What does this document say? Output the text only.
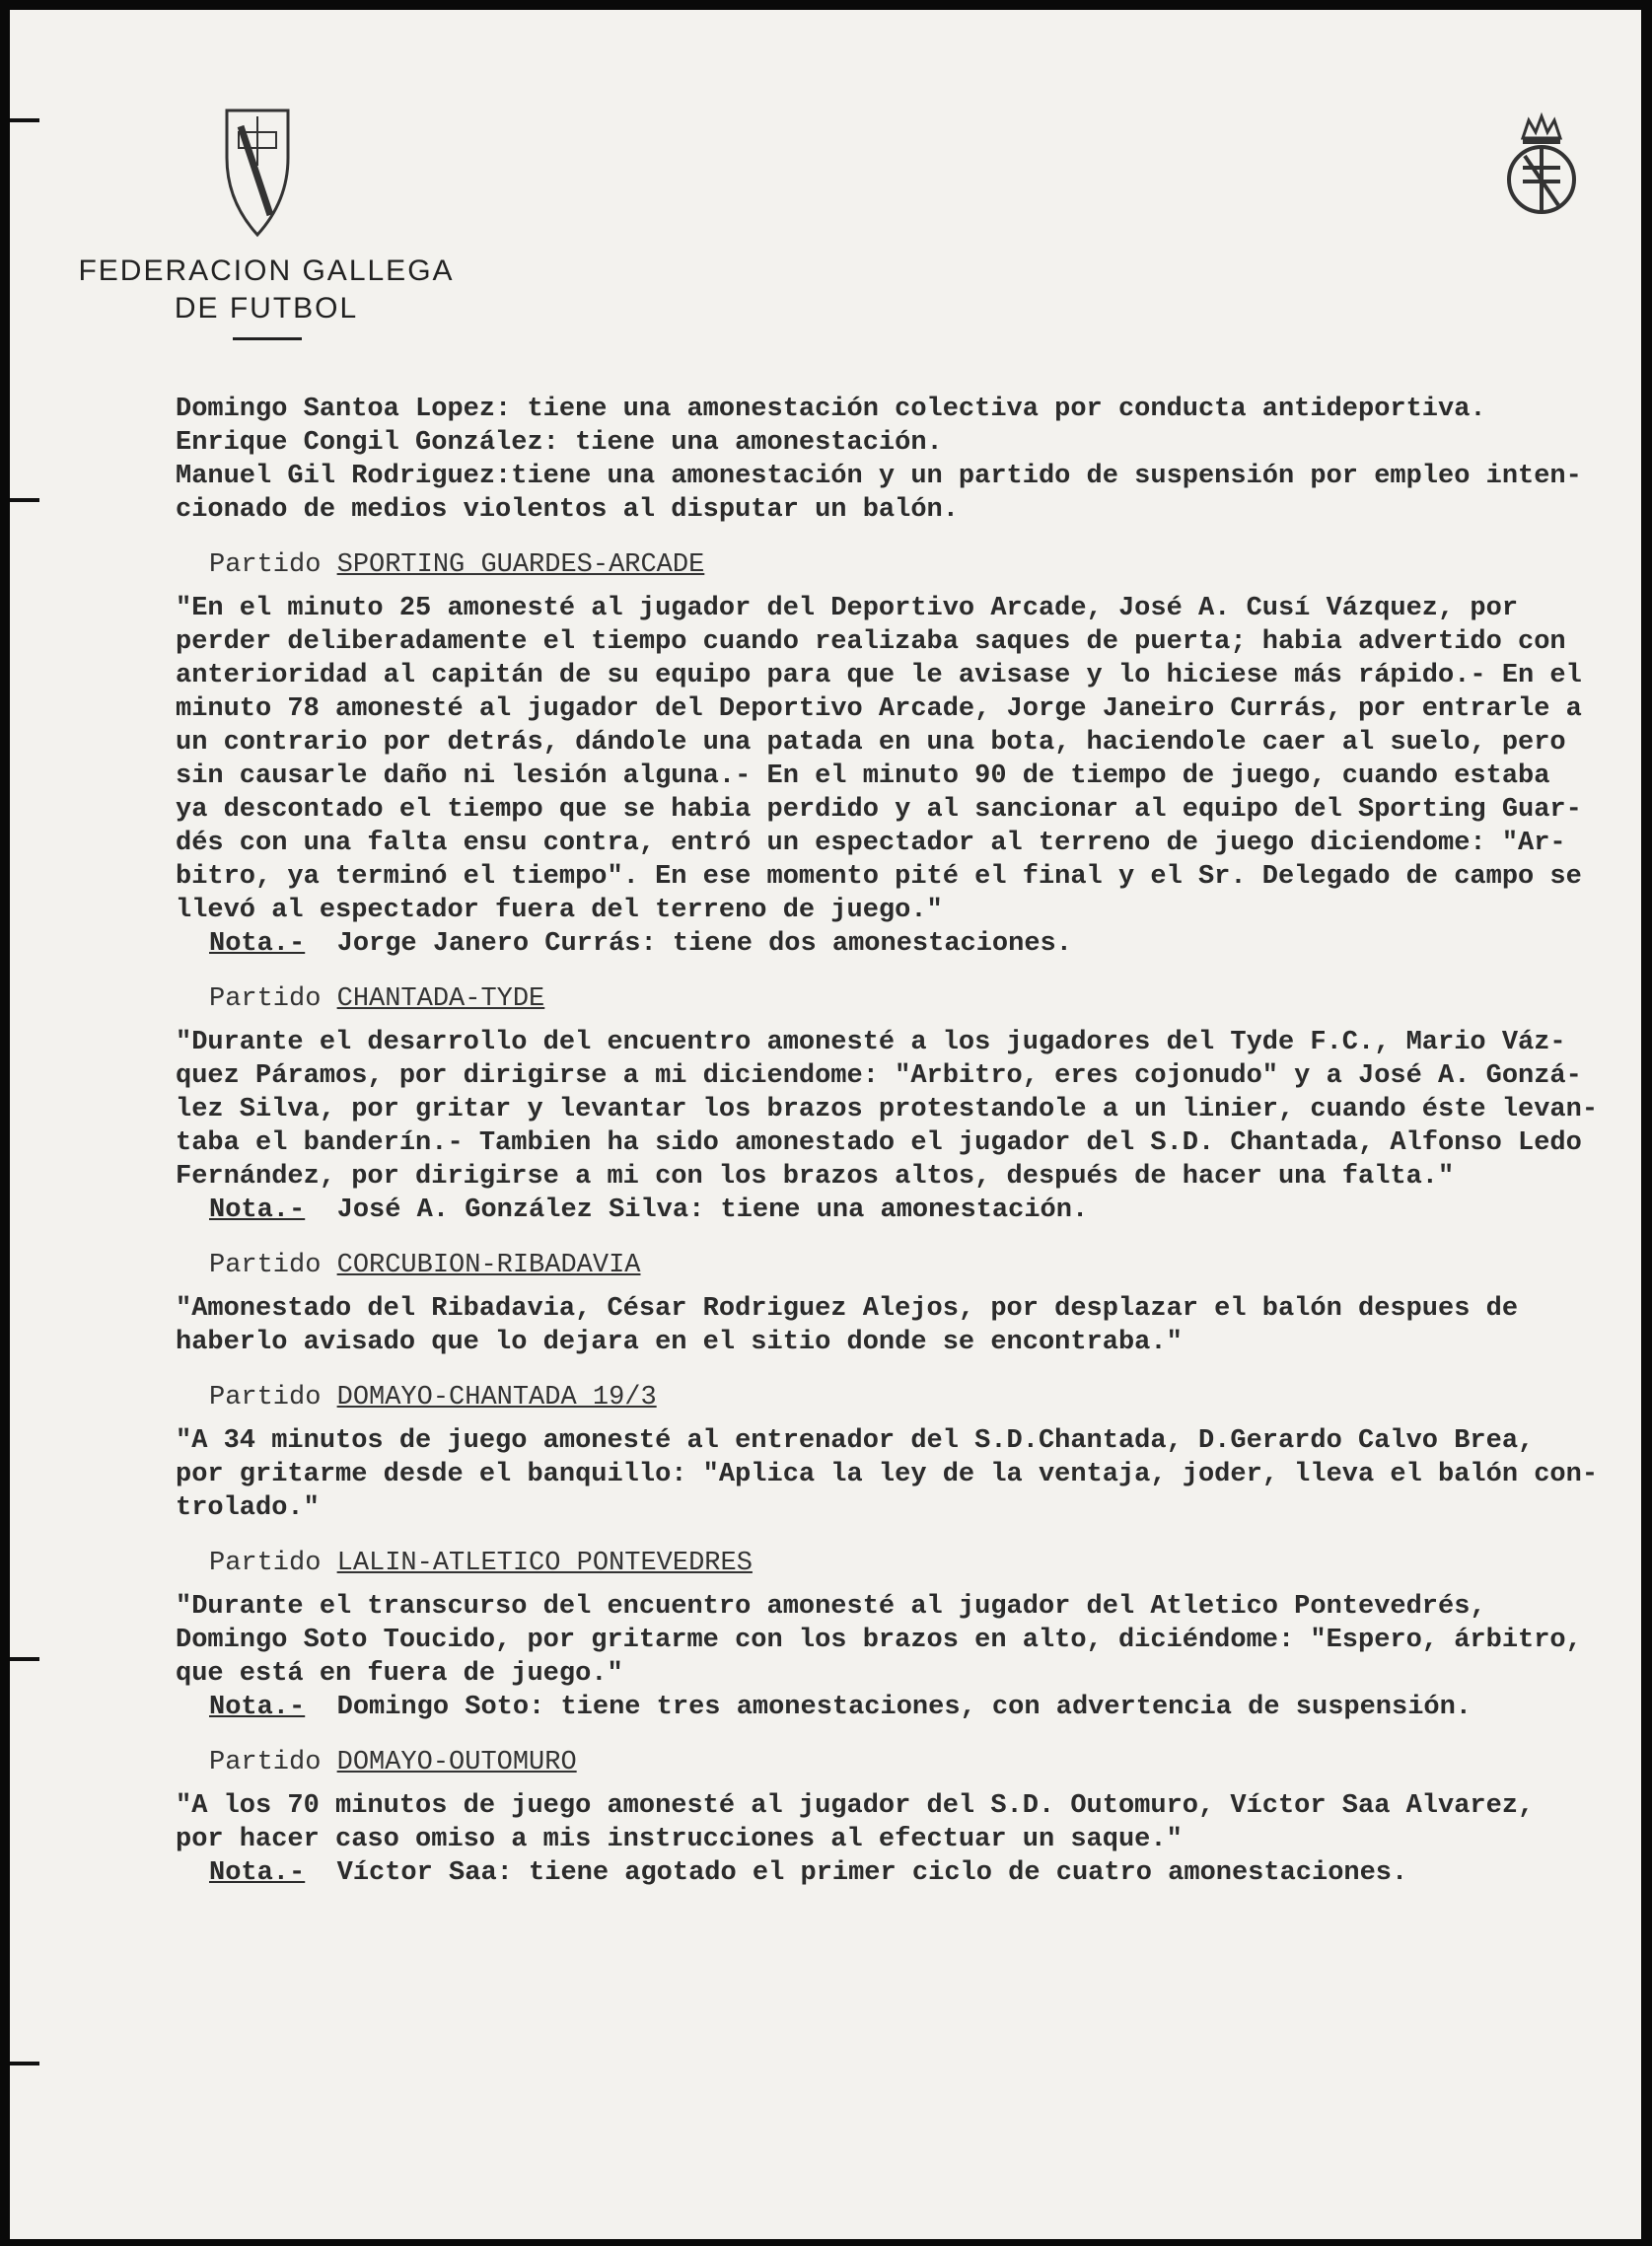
FEDERACION GALLEGA
DE FUTBOL

Domingo Santoa Lopez: tiene una amonestación colectiva por conducta antideportiva.

Enrique Congil González: tiene una amonestación.

Manuel Gil Rodriguez:tiene una amonestación y un partido de suspensión por empleo inten-

cionado de medios violentos al disputar un balón.

Partido SPORTING GUARDES-ARCADE

"En el minuto 25 amonesté al jugador del Deportivo Arcade, José A. Cusí Vázquez, por

perder deliberadamente el tiempo cuando realizaba saques de puerta; habia advertido con

anterioridad al capitán de su equipo para que le avisase y lo hiciese más rápido.- En el

minuto 78 amonesté al jugador del Deportivo Arcade, Jorge Janeiro Currás, por entrarle a

un contrario por detrás, dándole una patada en una bota, haciendole caer al suelo, pero

sin causarle daño ni lesión alguna.- En el minuto 90 de tiempo de juego, cuando estaba

ya descontado el tiempo que se habia perdido y al sancionar al equipo del Sporting Guar-

dés con una falta ensu contra, entró un espectador al terreno de juego diciendome: "Ar-

bitro, ya terminó el tiempo". En ese momento pité el final y el Sr. Delegado de campo se

llevó al espectador fuera del terreno de juego."

Nota.- Jorge Janero Currás: tiene dos amonestaciones.

Partido CHANTADA-TYDE

"Durante el desarrollo del encuentro amonesté a los jugadores del Tyde F.C., Mario Váz-

quez Páramos, por dirigirse a mi diciendome: "Arbitro, eres cojonudo" y a José A. Gonzá-

lez Silva, por gritar y levantar los brazos protestandole a un linier, cuando éste levan-

taba el banderín.- Tambien ha sido amonestado el jugador del S.D. Chantada, Alfonso Ledo

Fernández, por dirigirse a mi con los brazos altos, después de hacer una falta."

Nota.- José A. González Silva: tiene una amonestación.

Partido CORCUBION-RIBADAVIA

"Amonestado del Ribadavia, César Rodriguez Alejos, por desplazar el balón despues de

haberlo avisado que lo dejara en el sitio donde se encontraba."

Partido DOMAYO-CHANTADA 19/3

"A 34 minutos de juego amonesté al entrenador del S.D.Chantada, D.Gerardo Calvo Brea,

por gritarme desde el banquillo: "Aplica la ley de la ventaja, joder, lleva el balón con-

trolado."

Partido LALIN-ATLETICO PONTEVEDRES

"Durante el transcurso del encuentro amonesté al jugador del Atletico Pontevedrés,

Domingo Soto Toucido, por gritarme con los brazos en alto, diciéndome: "Espero, árbitro,

que está en fuera de juego."

Nota.- Domingo Soto: tiene tres amonestaciones, con advertencia de suspensión.

Partido DOMAYO-OUTOMURO

"A los 70 minutos de juego amonesté al jugador del S.D. Outomuro, Víctor Saa Alvarez,

por hacer caso omiso a mis instrucciones al efectuar un saque."

Nota.- Víctor Saa: tiene agotado el primer ciclo de cuatro amonestaciones.
